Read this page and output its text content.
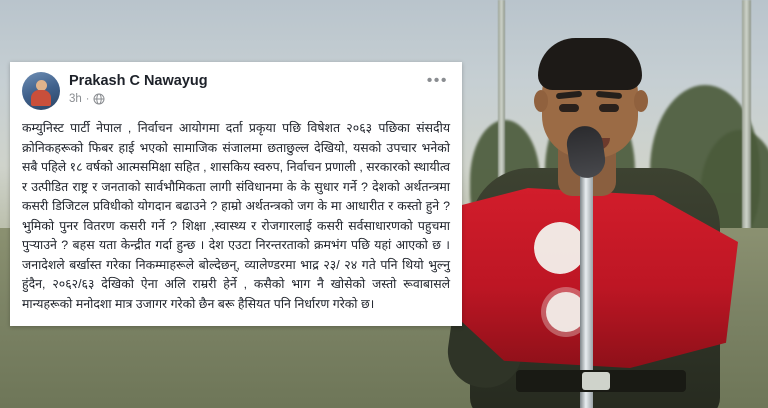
Prakash C Nawayug
3h ·
•••
कम्युनिस्ट पार्टी नेपाल , निर्वाचन आयोगमा दर्ता प्रकृया पछि विषेशत २०६३ पछिका संसदीय क्रोनिकहरूको फिबर हाई भएको सामाजिक संजालमा छताछुल्ल देखियो, यसको उपचार भनेको सबै पहिले १८ वर्षको आत्मसमिक्षा सहित , शासकिय स्वरुप, निर्वाचन प्रणाली , सरकारको स्थायीत्व र उत्पीडित राष्ट्र र जनताको सार्वभौमिकता लागी संविधानमा के के सुधार गर्ने ? देशको अर्थतन्त्रमा कसरी डिजिटल प्रविधीको योगदान बढाउने ? हाम्रो अर्थतन्त्रको जग के मा आधारीत र कस्तो हुने ? भुमिकाे पुनर वितरण कसरी गर्ने ? शिक्षा ,स्वास्थ्य र रोजगारलाई कसरी सर्वसाधारणको पहुचमा पुर्‍याउने ? बहस यता केन्द्रीत गर्दा हुन्छ । देश एउटा निरन्तरताको क्रमभंग पछि यहां आएको छ । जनादेशले बर्खास्त गरेका निकम्माहरूले बोल्देछन्, व्यालेण्डरमा भाद्र २३/ २४ गते पनि थियो भुल्नु हुंदैन, २०६२/६३ देखिको ऐना अलि राम्ररी हेर्ने , कसैको भाग नै खोसेको जस्तो रूवाबासले मान्यहरूको मनोदशा मात्र उजागर गरेको छैन बरू हैसियत पनि निर्धारण गरेको छ।
